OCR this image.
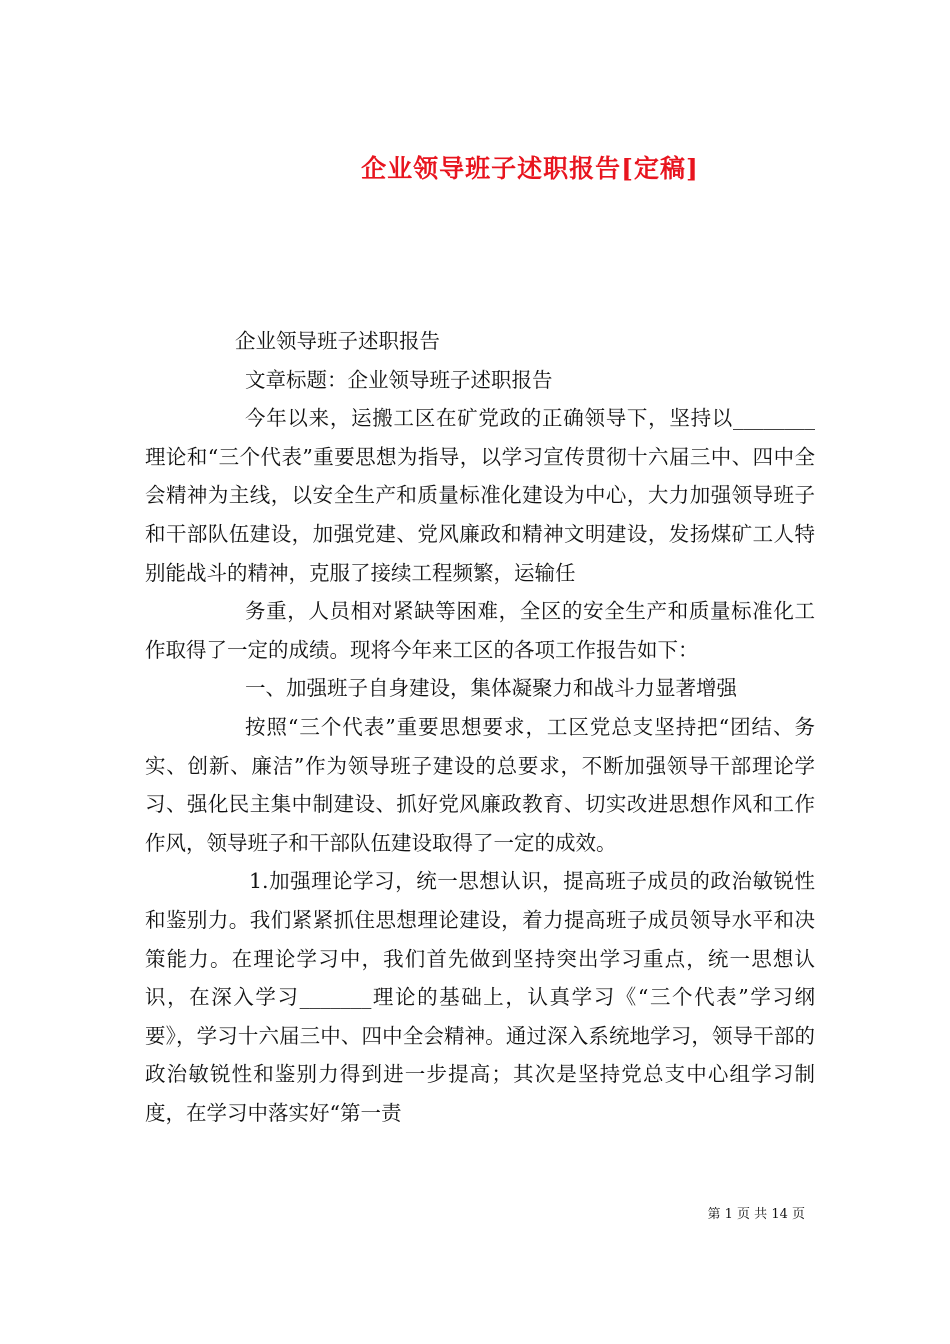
企业领导班子述职报告[定稿]

企业领导班子述职报告

文章标题：企业领导班子述职报告

今年以来，运搬工区在矿党政的正确领导下，坚持以________理论和“三个代表”重要思想为指导，以学习宣传贯彻十六届三中、四中全会精神为主线，以安全生产和质量标准化建设为中心，大力加强领导班子和干部队伍建设，加强党建、党风廉政和精神文明建设，发扬煤矿工人特别能战斗的精神，克服了接续工程频繁，运输任

务重，人员相对紧缺等困难，全区的安全生产和质量标准化工作取得了一定的成绩。现将今年来工区的各项工作报告如下：

一、加强班子自身建设，集体凝聚力和战斗力显著增强

按照“三个代表”重要思想要求，工区党总支坚持把“团结、务实、创新、廉洁”作为领导班子建设的总要求，不断加强领导干部理论学习、强化民主集中制建设、抓好党风廉政教育、切实改进思想作风和工作作风，领导班子和干部队伍建设取得了一定的成效。

1.加强理论学习，统一思想认识，提高班子成员的政治敏锐性和鉴别力。我们紧紧抓住思想理论建设，着力提高班子成员领导水平和决策能力。在理论学习中，我们首先做到坚持突出学习重点，统一思想认识，在深入学习_______理论的基础上，认真学习《“三个代表”学习纲要》，学习十六届三中、四中全会精神。通过深入系统地学习，领导干部的政治敏锐性和鉴别力得到进一步提高；其次是坚持党总支中心组学习制度，在学习中落实好“第一责

第 1 页 共 14 页
